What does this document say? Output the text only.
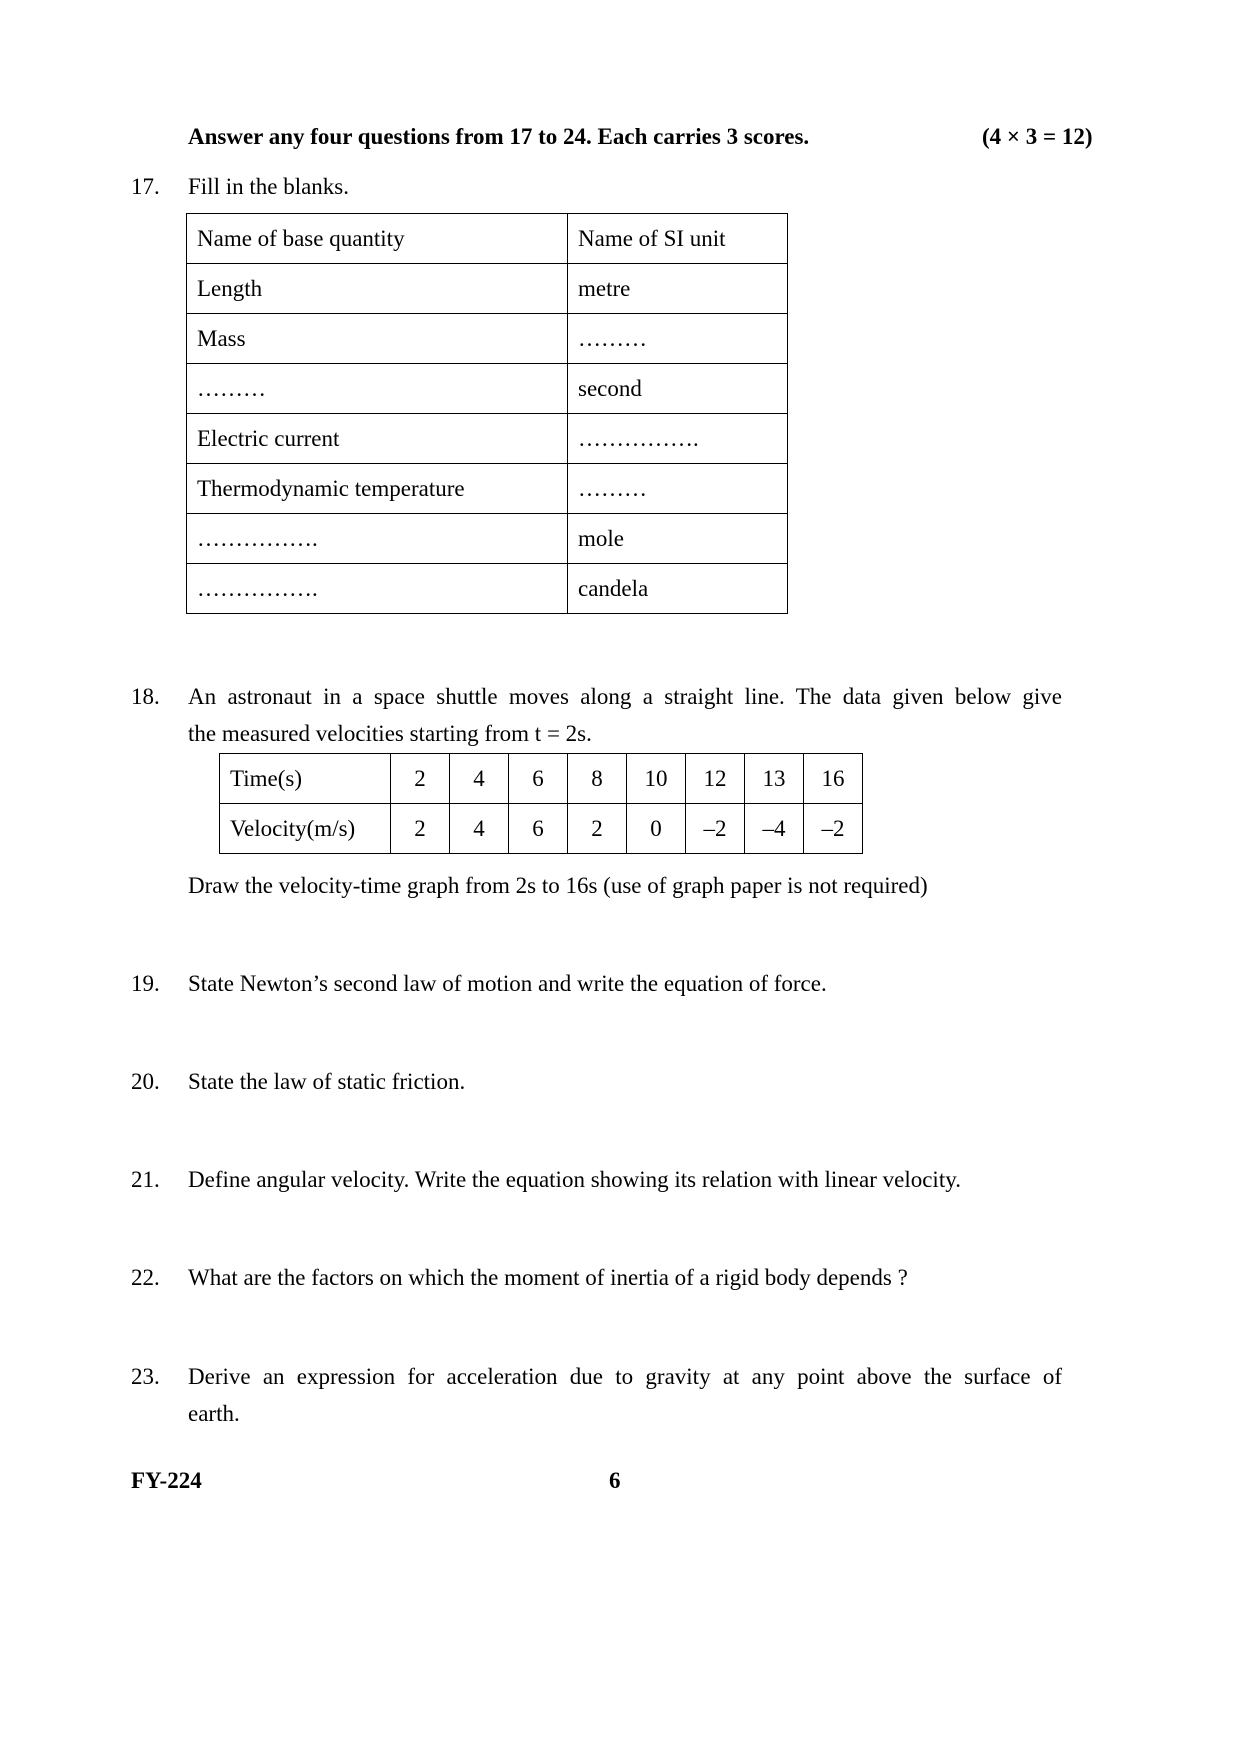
Answer any four questions from 17 to 24. Each carries 3 scores.	(4 × 3 = 12)
17. Fill in the blanks.
Name of base quantity	Name of SI unit
Length	metre
Mass	………
………	second
Electric current	…………….
Thermodynamic temperature	………
…………….	mole
…………….	candela
18. An astronaut in a space shuttle moves along a straight line. The data given below give
the measured velocities starting from t = 2s.
Time(s)	2	4	6	8	10	12	13	16
Velocity(m/s)	2	4	6	2	0	–2	–4	–2
Draw the velocity-time graph from 2s to 16s (use of graph paper is not required)
19. State Newton’s second law of motion and write the equation of force.
20. State the law of static friction.
21. Define angular velocity. Write the equation showing its relation with linear velocity.
22. What are the factors on which the moment of inertia of a rigid body depends ?
23. Derive an expression for acceleration due to gravity at any point above the surface of
earth.
FY-224	6
